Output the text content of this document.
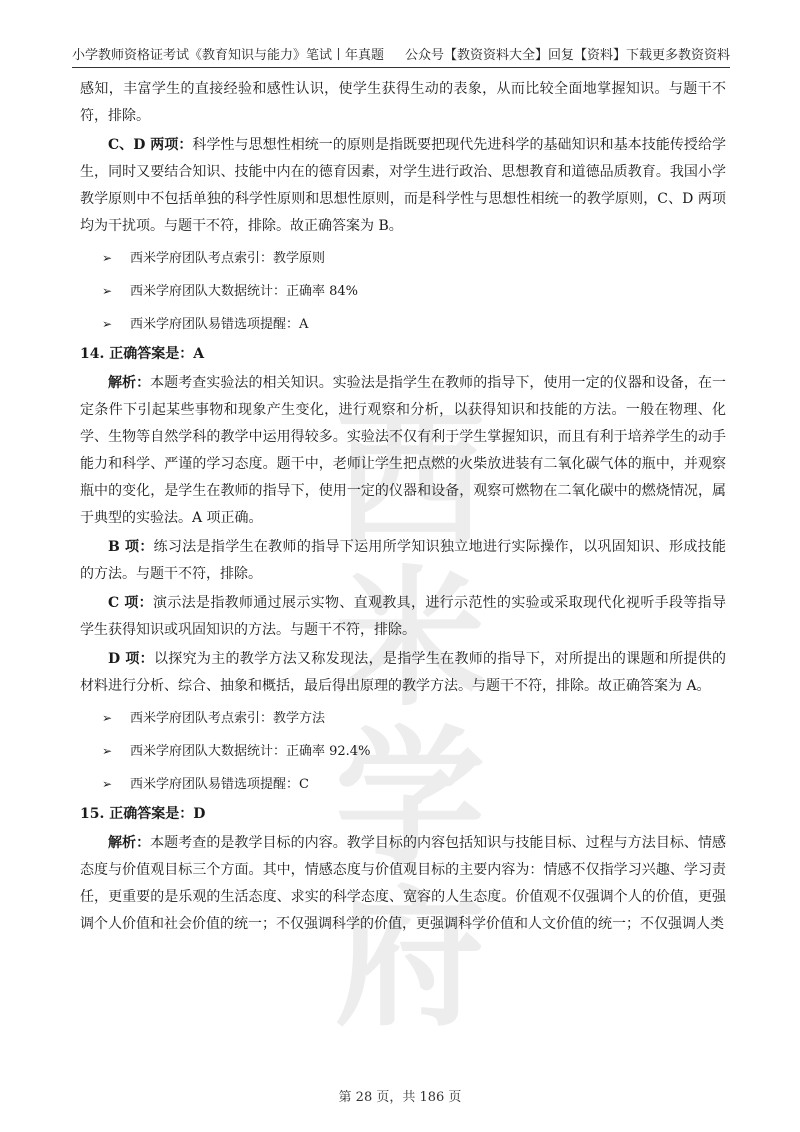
小学教师资格证考试《教育知识与能力》笔试丨年真题 公众号【教资资料大全】回复【资料】下载更多教资资料
西米学府

感知，丰富学生的直接经验和感性认识，使学生获得生动的表象，从而比较全面地掌握知识。与题干不符，排除。

C、D 两项：科学性与思想性相统一的原则是指既要把现代先进科学的基础知识和基本技能传授给学生，同时又要结合知识、技能中内在的德育因素，对学生进行政治、思想教育和道德品质教育。我国小学教学原则中不包括单独的科学性原则和思想性原则，而是科学性与思想性相统一的教学原则，C、D 两项均为干扰项。与题干不符，排除。故正确答案为 B。

➢	西米学府团队考点索引：教学原则
➢	西米学府团队大数据统计：正确率 84%
➢	西米学府团队易错选项提醒：A

14. 正确答案是：A

解析：本题考查实验法的相关知识。实验法是指学生在教师的指导下，使用一定的仪器和设备，在一定条件下引起某些事物和现象产生变化，进行观察和分析，以获得知识和技能的方法。一般在物理、化学、生物等自然学科的教学中运用得较多。实验法不仅有利于学生掌握知识，而且有利于培养学生的动手能力和科学、严谨的学习态度。题干中，老师让学生把点燃的火柴放进装有二氧化碳气体的瓶中，并观察瓶中的变化，是学生在教师的指导下，使用一定的仪器和设备，观察可燃物在二氧化碳中的燃烧情况，属于典型的实验法。A 项正确。

B 项：练习法是指学生在教师的指导下运用所学知识独立地进行实际操作，以巩固知识、形成技能的方法。与题干不符，排除。

C 项：演示法是指教师通过展示实物、直观教具，进行示范性的实验或采取现代化视听手段等指导学生获得知识或巩固知识的方法。与题干不符，排除。

D 项：以探究为主的教学方法又称发现法，是指学生在教师的指导下，对所提出的课题和所提供的材料进行分析、综合、抽象和概括，最后得出原理的教学方法。与题干不符，排除。故正确答案为 A。

➢	西米学府团队考点索引：教学方法
➢	西米学府团队大数据统计：正确率 92.4%
➢	西米学府团队易错选项提醒：C

15. 正确答案是：D

解析：本题考查的是教学目标的内容。教学目标的内容包括知识与技能目标、过程与方法目标、情感态度与价值观目标三个方面。其中，情感态度与价值观目标的主要内容为：情感不仅指学习兴趣、学习责任，更重要的是乐观的生活态度、求实的科学态度、宽容的人生态度。价值观不仅强调个人的价值，更强调个人价值和社会价值的统一；不仅强调科学的价值，更强调科学价值和人文价值的统一；不仅强调人类

第 28 页，共 186 页
